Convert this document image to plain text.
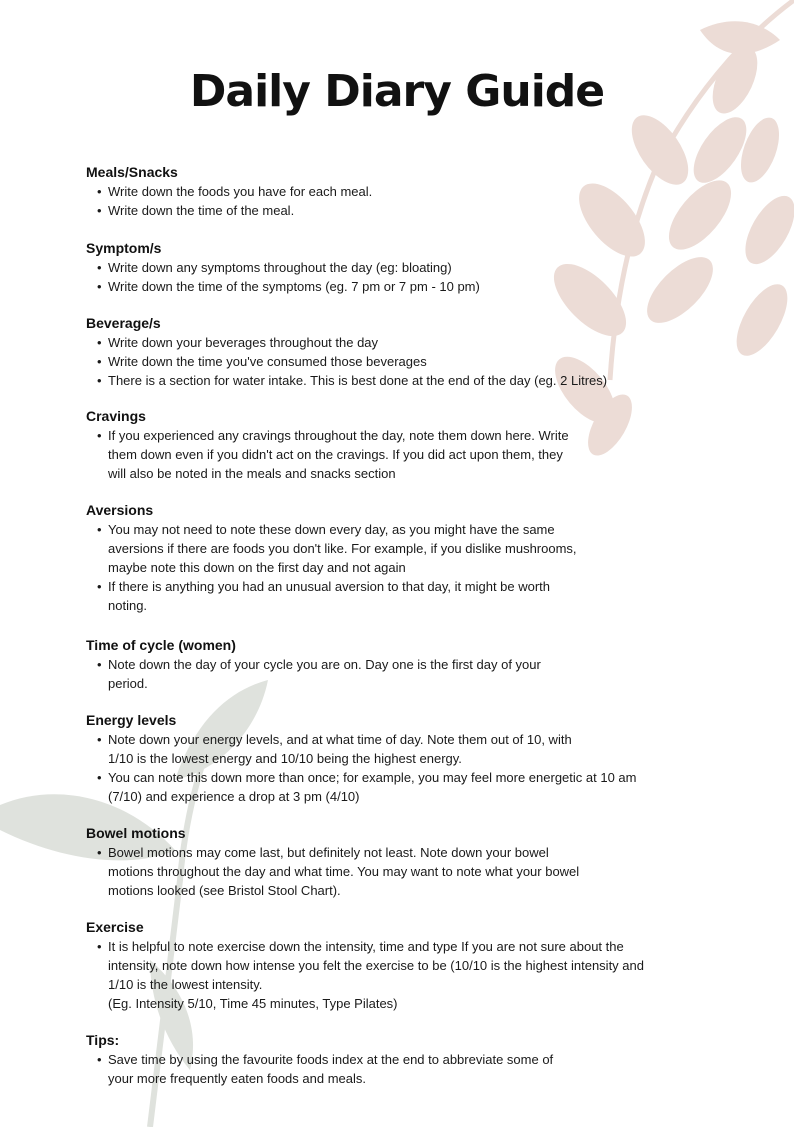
Daily Diary Guide
Meals/Snacks
• Write down the foods you have for each meal.
• Write down the time of the meal.
Symptom/s
• Write down any symptoms throughout the day (eg: bloating)
• Write down the time of the symptoms (eg. 7 pm or 7 pm - 10 pm)
Beverage/s
• Write down your beverages throughout the day
• Write down the time you've consumed those beverages
• There is a section for water intake. This is best done at the end of the day (eg. 2 Litres)
Cravings
• If you experienced any cravings throughout the day, note them down here. Write
them down even if you didn't act on the cravings. If you did act upon them, they
will also be noted in the meals and snacks section
Aversions
• You may not need to note these down every day, as you might have the same
aversions if there are foods you don't like. For example, if you dislike mushrooms,
maybe note this down on the first day and not again
• If there is anything you had an unusual aversion to that day, it might be worth
noting.
Time of cycle (women)
• Note down the day of your cycle you are on. Day one is the first day of your
period.
Energy levels
• Note down your energy levels, and at what time of day. Note them out of 10, with
1/10 is the lowest energy and 10/10 being the highest energy.
• You can note this down more than once; for example, you may feel more energetic at 10 am
(7/10) and experience a drop at 3 pm (4/10)
Bowel motions
• Bowel motions may come last, but definitely not least. Note down your bowel
motions throughout the day and what time. You may want to note what your bowel
motions looked (see Bristol Stool Chart).
Exercise
• It is helpful to note exercise down the intensity, time and type If you are not sure about the
intensity, note down how intense you felt the exercise to be (10/10 is the highest intensity and
1/10 is the lowest intensity.
(Eg. Intensity 5/10, Time 45 minutes, Type Pilates)
Tips:
• Save time by using the favourite foods index at the end to abbreviate some of
your more frequently eaten foods and meals.
